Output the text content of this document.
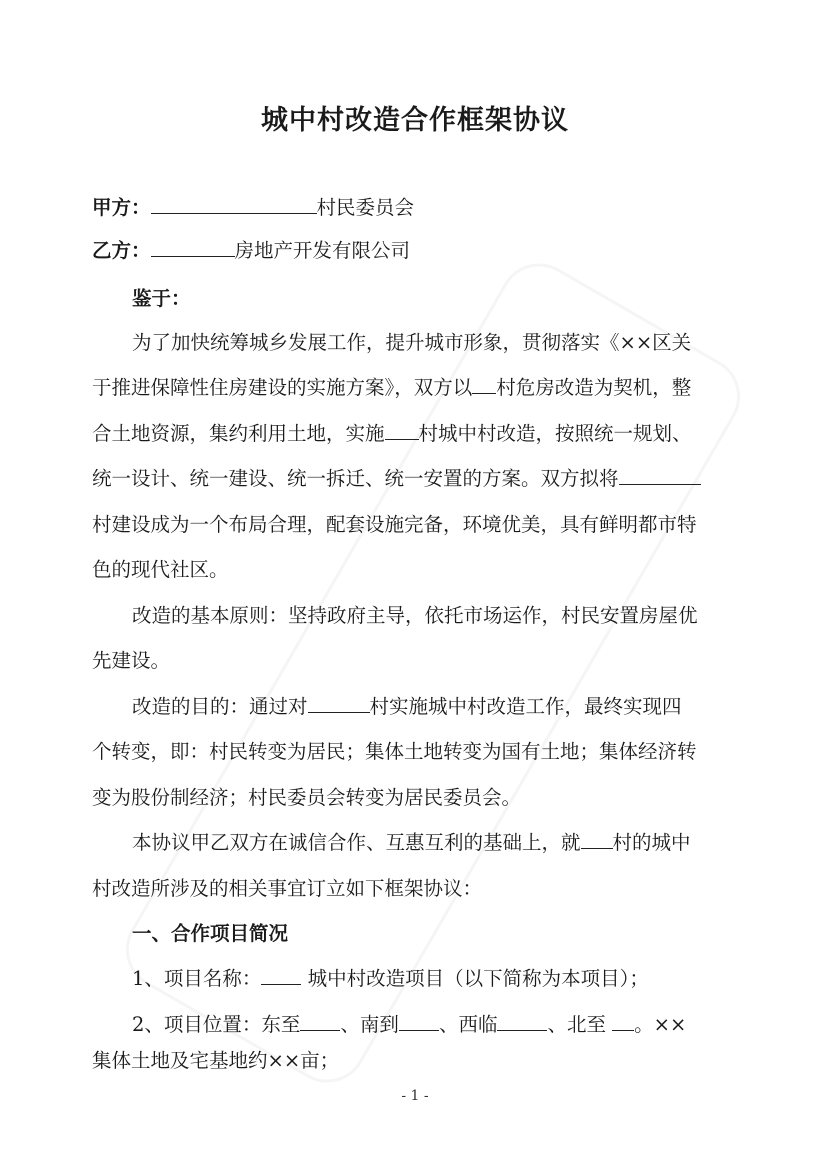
城中村改造合作框架协议
甲方：	村民委员会
乙方：	房地产开发有限公司
鉴于：
为了加快统筹城乡发展工作，提升城市形象，贯彻落实《××区关
于推进保障性住房建设的实施方案》，双方以 村危房改造为契机，整
合土地资源，集约利用土地，实施 村城中村改造，按照统一规划、
统一设计、统一建设、统一拆迁、统一安置的方案。双方拟将
村建设成为一个布局合理，配套设施完备，环境优美，具有鲜明都市特
色的现代社区。
改造的基本原则：坚持政府主导，依托市场运作，村民安置房屋优
先建设。
改造的目的：通过对	村实施城中村改造工作，最终实现四
个转变，即：村民转变为居民；集体土地转变为国有土地；集体经济转
变为股份制经济；村民委员会转变为居民委员会。
本协议甲乙双方在诚信合作、互惠互利的基础上，就 村的城中
村改造所涉及的相关事宜订立如下框架协议：
一、合作项目简况
1、项目名称： 城中村改造项目（以下简称为本项目）；
2、项目位置：东至 、南到 、西临	、北至 。××
集体土地及宅基地约××亩；
- 1 -
